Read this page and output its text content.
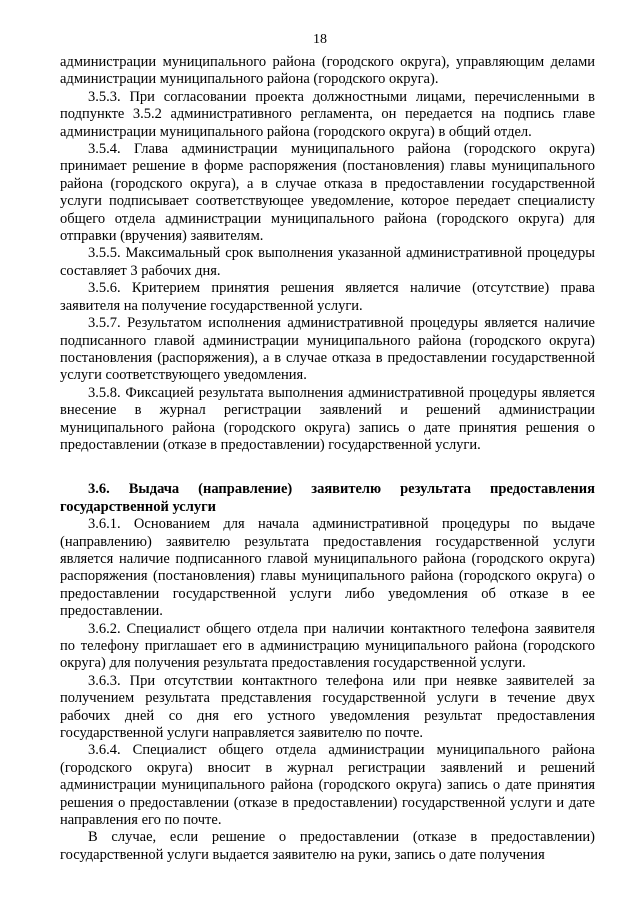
18

администрации муниципального района (городского округа), управляющим делами администрации муниципального района (городского округа).

3.5.3. При согласовании проекта должностными лицами, перечисленными в подпункте 3.5.2 административного регламента, он передается на подпись главе администрации муниципального района (городского округа) в общий отдел.

3.5.4. Глава администрации муниципального района (городского округа) принимает решение в форме распоряжения (постановления) главы муниципального района (городского округа), а в случае отказа в предоставлении государственной услуги подписывает соответствующее уведомление, которое передает специалисту общего отдела администрации муниципального района (городского округа) для отправки (вручения) заявителям.

3.5.5. Максимальный срок выполнения указанной административной процедуры составляет 3 рабочих дня.

3.5.6. Критерием принятия решения является наличие (отсутствие) права заявителя на получение государственной услуги.

3.5.7. Результатом исполнения административной процедуры является наличие подписанного главой администрации муниципального района (городского округа) постановления (распоряжения), а в случае отказа в предоставлении государственной услуги соответствующего уведомления.

3.5.8. Фиксацией результата выполнения административной процедуры является внесение в журнал регистрации заявлений и решений администрации муниципального района (городского округа) запись о дате принятия решения о предоставлении (отказе в предоставлении) государственной услуги.

3.6. Выдача (направление) заявителю результата предоставления государственной услуги

3.6.1. Основанием для начала административной процедуры по выдаче (направлению) заявителю результата предоставления государственной услуги является наличие подписанного главой муниципального района (городского округа) распоряжения (постановления) главы муниципального района (городского округа) о предоставлении государственной услуги либо уведомления об отказе в ее предоставлении.

3.6.2. Специалист общего отдела при наличии контактного телефона заявителя по телефону приглашает его в администрацию муниципального района (городского округа) для получения результата предоставления государственной услуги.

3.6.3. При отсутствии контактного телефона или при неявке заявителей за получением результата представления государственной услуги в течение двух рабочих дней со дня его устного уведомления результат предоставления государственной услуги направляется заявителю по почте.

3.6.4. Специалист общего отдела администрации муниципального района (городского округа) вносит в журнал регистрации заявлений и решений администрации муниципального района (городского округа) запись о дате принятия решения о предоставлении (отказе в предоставлении) государственной услуги и дате направления его по почте.

В случае, если решение о предоставлении (отказе в предоставлении) государственной услуги выдается заявителю на руки, запись о дате получения
